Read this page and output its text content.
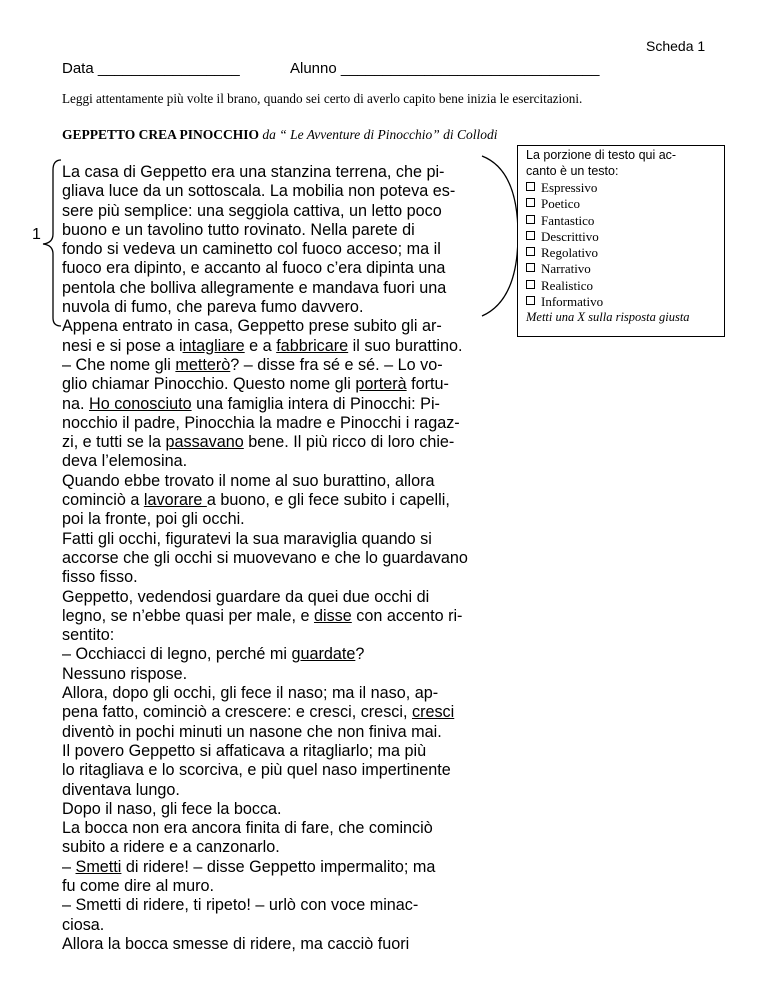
Scheda 1
Data _________________	Alunno _______________________________
Leggi attentamente più volte il brano, quando sei certo di averlo capito bene inizia le esercitazioni.
GEPPETTO CREA PINOCCHIO da “ Le Avventure di Pinocchio” di Collodi
1
La porzione di testo qui ac-
canto è un testo:
Espressivo
Poetico
Fantastico
Descrittivo
Regolativo
Narrativo
Realistico
Informativo
Metti una X sulla risposta giusta
La casa di Geppetto era una stanzina terrena, che pi-
gliava luce da un sottoscala. La mobilia non poteva es-
sere più semplice: una seggiola cattiva, un letto poco
buono e un tavolino tutto rovinato. Nella parete di
fondo si vedeva un caminetto col fuoco acceso; ma il
fuoco era dipinto, e accanto al fuoco c’era dipinta una
pentola che bolliva allegramente e mandava fuori una
nuvola di fumo, che pareva fumo davvero.
Appena entrato in casa, Geppetto prese subito gli ar-
nesi e si pose a intagliare e a fabbricare il suo burattino.
– Che nome gli metterò? – disse fra sé e sé. – Lo vo-
glio chiamar Pinocchio. Questo nome gli porterà fortu-
na. Ho conosciuto una famiglia intera di Pinocchi: Pi-
nocchio il padre, Pinocchia la madre e Pinocchi i ragaz-
zi, e tutti se la passavano bene. Il più ricco di loro chie-
deva l’elemosina.
Quando ebbe trovato il nome al suo burattino, allora
cominciò a lavorare a buono, e gli fece subito i capelli,
poi la fronte, poi gli occhi.
Fatti gli occhi, figuratevi la sua maraviglia quando si
accorse che gli occhi si muovevano e che lo guardavano
fisso fisso.
Geppetto, vedendosi guardare da quei due occhi di
legno, se n’ebbe quasi per male, e disse con accento ri-
sentito:
– Occhiacci di legno, perché mi guardate?
Nessuno rispose.
Allora, dopo gli occhi, gli fece il naso; ma il naso, ap-
pena fatto, cominciò a crescere: e cresci, cresci, cresci
diventò in pochi minuti un nasone che non finiva mai.
Il povero Geppetto si affaticava a ritagliarlo; ma più
lo ritagliava e lo scorciva, e più quel naso impertinente
diventava lungo.
Dopo il naso, gli fece la bocca.
La bocca non era ancora finita di fare, che cominciò
subito a ridere e a canzonarlo.
– Smetti di ridere! – disse Geppetto impermalito; ma
fu come dire al muro.
– Smetti di ridere, ti ripeto! – urlò con voce minac-
ciosa.
Allora la bocca smesse di ridere, ma cacciò fuori
